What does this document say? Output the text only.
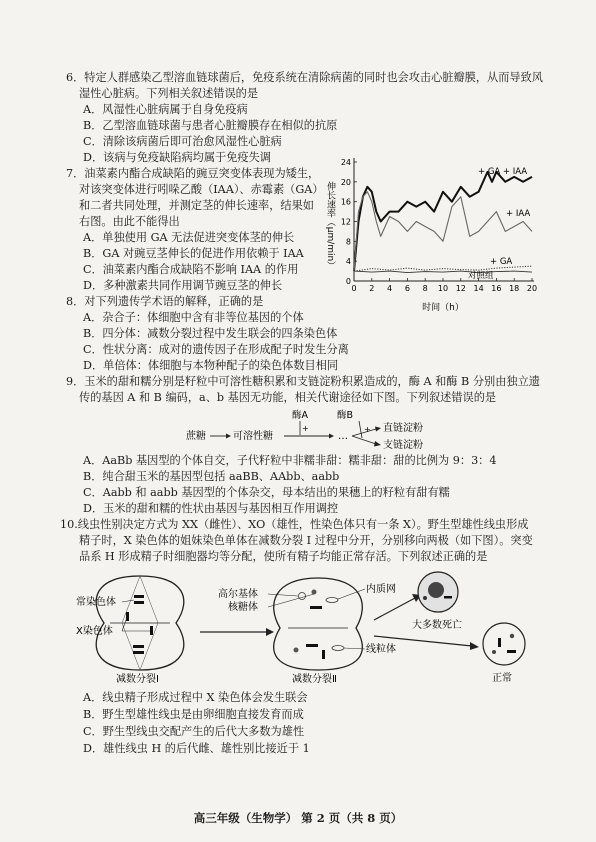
6．特定人群感染乙型溶血链球菌后，免疫系统在清除病菌的同时也会攻击心脏瓣膜，从而导致风
湿性心脏病。下列相关叙述错误的是
A．风湿性心脏病属于自身免疫病
B．乙型溶血链球菌与患者心脏瓣膜存在相似的抗原
C．清除该病菌后即可治愈风湿性心脏病
D．该病与免疫缺陷病均属于免疫失调
7．油菜素内酯合成缺陷的豌豆突变体表现为矮生，
对该突变体进行吲哚乙酸（IAA）、赤霉素（GA）
和二者共同处理，并测定茎的伸长速率，结果如
右图。由此不能得出
A．单独使用 GA 无法促进突变体茎的伸长
B．GA 对豌豆茎伸长的促进作用依赖于 IAA
C．油菜素内酯合成缺陷不影响 IAA 的作用
D．多种激素共同作用调节豌豆茎的伸长	0 2 4 6 8 10 12 14 16 18 20
0
4
8
12
16
20
24
+ GA + IAA
+ IAA
+ GA
对照组
伸长速率（μm/min）
时间（h）
8．对下列遗传学术语的解释，正确的是
A．杂合子：体细胞中含有非等位基因的个体
B．四分体：减数分裂过程中发生联会的四条染色体
C．性状分离：成对的遗传因子在形成配子时发生分离
D．单倍体：体细胞与本物种配子的染色体数目相同
9．玉米的甜和糯分别是籽粒中可溶性糖积累和支链淀粉积累造成的，酶 A 和酶 B 分别由独立遗
传的基因 A 和 B 编码，a、b 基因无功能，相关代谢途径如下图。下列叙述错误的是
蔗糖	可溶性糖
酶A
+
…
酶B
+ 直链淀粉
支链淀粉
A．AaBb 基因型的个体自交，子代籽粒中非糯非甜：糯非甜：甜的比例为 9：3：4
B．纯合甜玉米的基因型包括 aaBB、AAbb、aabb
C．Aabb 和 aabb 基因型的个体杂交，母本结出的果穗上的籽粒有甜有糯
D．玉米的甜和糯的性状由基因与基因相互作用调控
10.线虫性别决定方式为 XX（雌性）、XO（雄性，性染色体只有一条 X）。野生型雄性线虫形成
精子时，X 染色体的姐妹染色单体在减数分裂 Ⅰ 过程中分开，分别移向两极（如下图）。突变
品系 H 形成精子时细胞器均等分配，使所有精子均能正常存活。下列叙述正确的是
常染色体
X染色体
减数分裂Ⅰ
高尔基体
核糖体
内质网
线粒体
减数分裂Ⅱ
大多数死亡
正常
A．线虫精子形成过程中 X 染色体会发生联会
B．野生型雄性线虫是由卵细胞直接发育而成
C．野生型线虫交配产生的后代大多数为雄性
D．雄性线虫 H 的后代雌、雄性别比接近于 1
高三年级（生物学） 第 2 页（共 8 页）
